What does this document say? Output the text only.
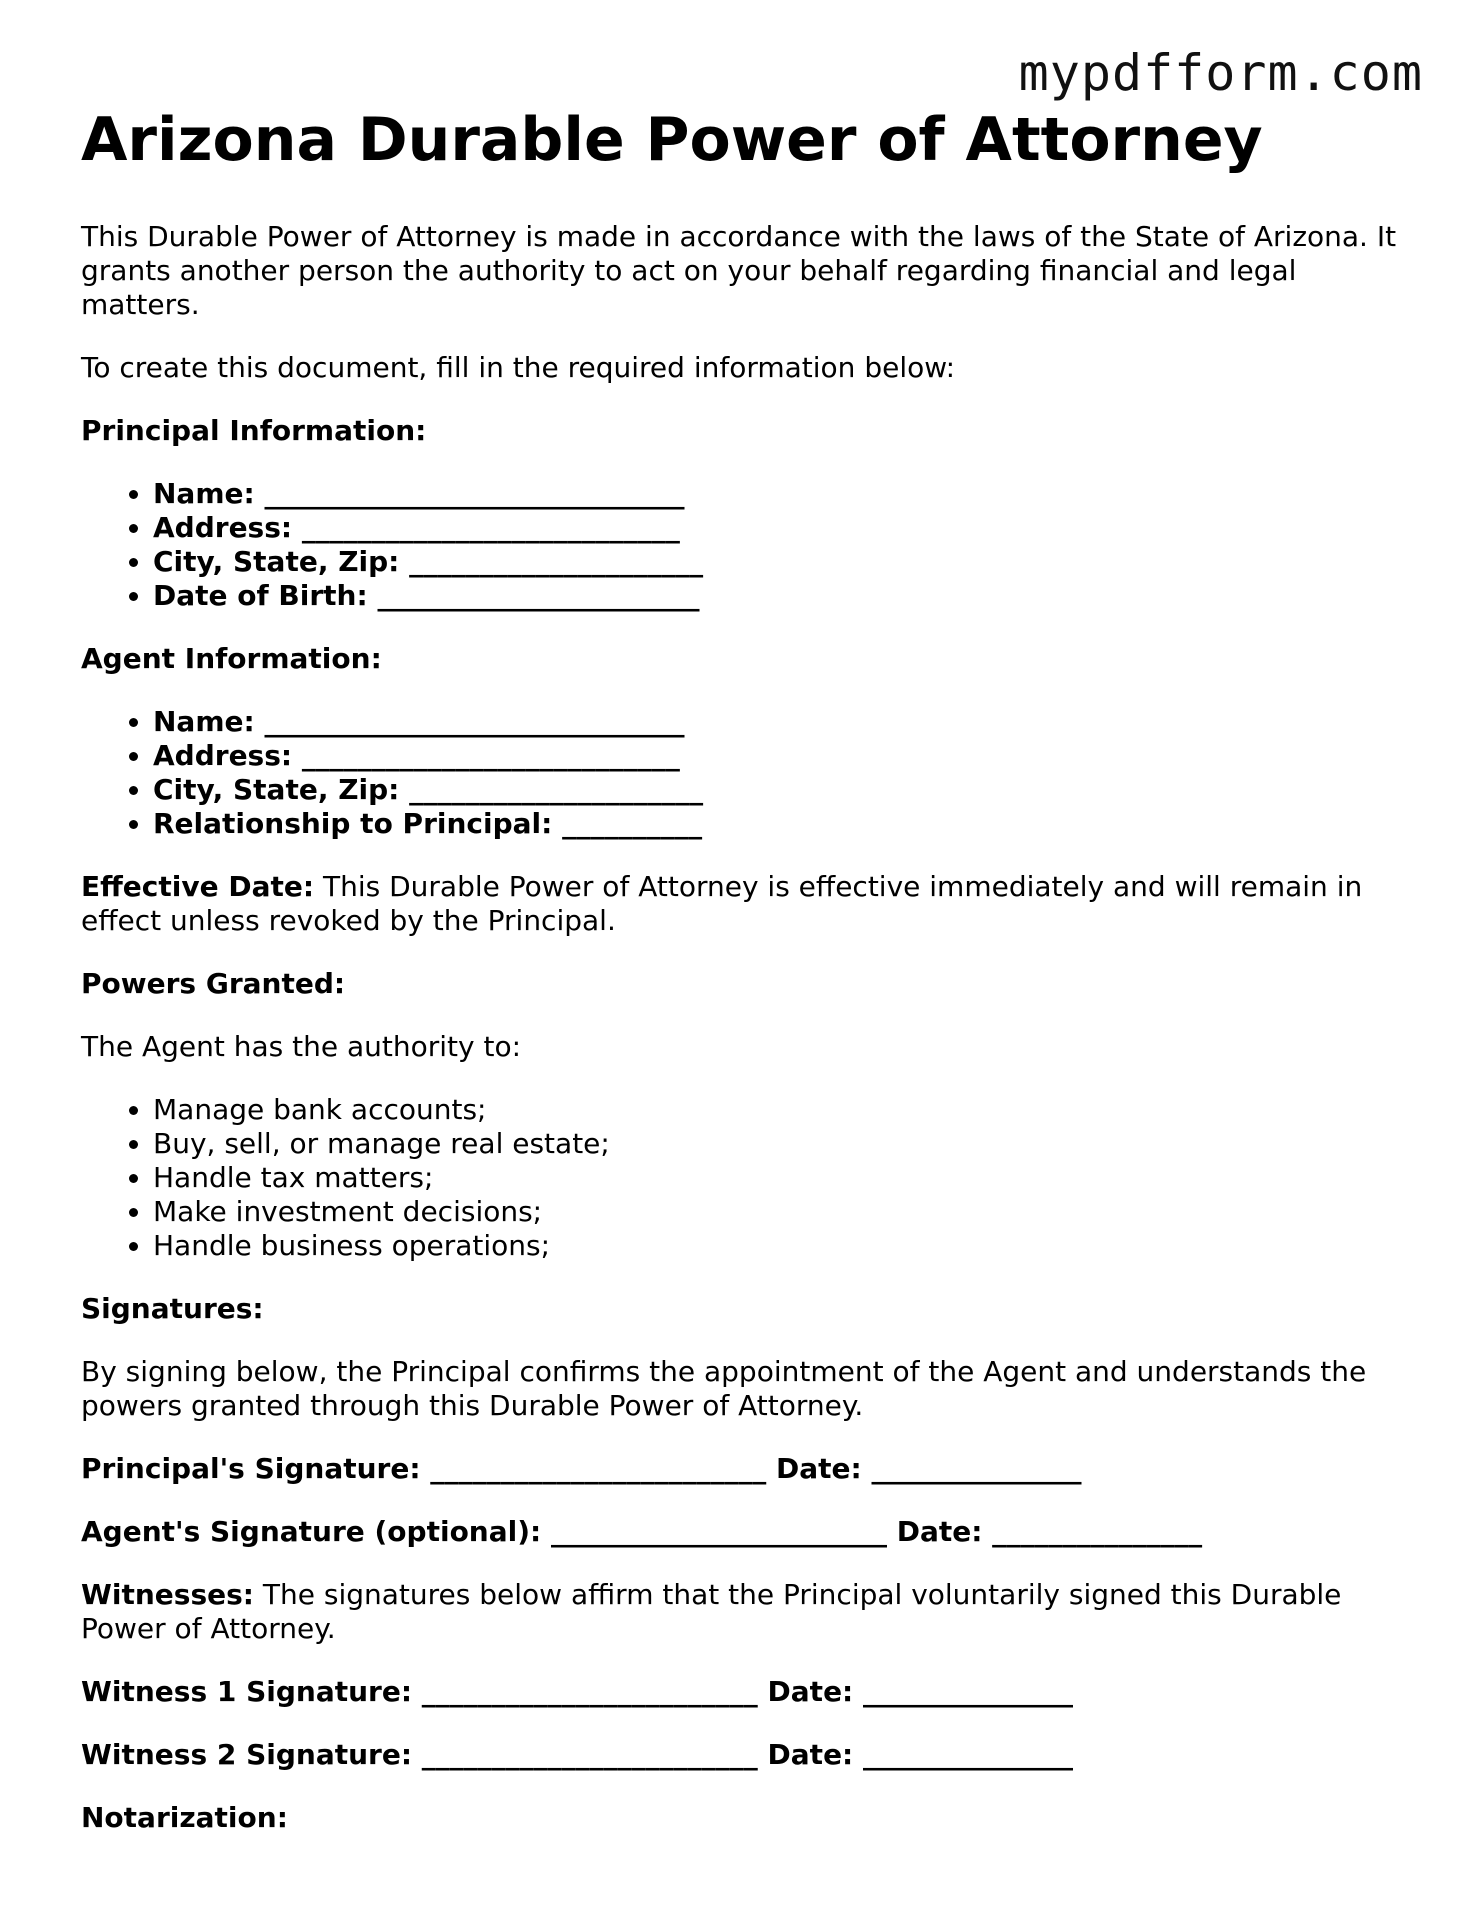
mypdfform.com
Arizona Durable Power of Attorney

This Durable Power of Attorney is made in accordance with the laws of the State of Arizona. It grants another person the authority to act on your behalf regarding financial and legal matters.

To create this document, fill in the required information below:

Principal Information:

• Name: ______________________________
• Address: ___________________________
• City, State, Zip: _____________________
• Date of Birth: _______________________

Agent Information:

• Name: ______________________________
• Address: ___________________________
• City, State, Zip: _____________________
• Relationship to Principal: __________

Effective Date: This Durable Power of Attorney is effective immediately and will remain in effect unless revoked by the Principal.

Powers Granted:

The Agent has the authority to:

• Manage bank accounts;
• Buy, sell, or manage real estate;
• Handle tax matters;
• Make investment decisions;
• Handle business operations;

Signatures:

By signing below, the Principal confirms the appointment of the Agent and understands the powers granted through this Durable Power of Attorney.

Principal's Signature: ________________________ Date: _______________

Agent's Signature (optional): ________________________ Date: _______________

Witnesses: The signatures below affirm that the Principal voluntarily signed this Durable Power of Attorney.

Witness 1 Signature: ________________________ Date: _______________

Witness 2 Signature: ________________________ Date: _______________

Notarization:
